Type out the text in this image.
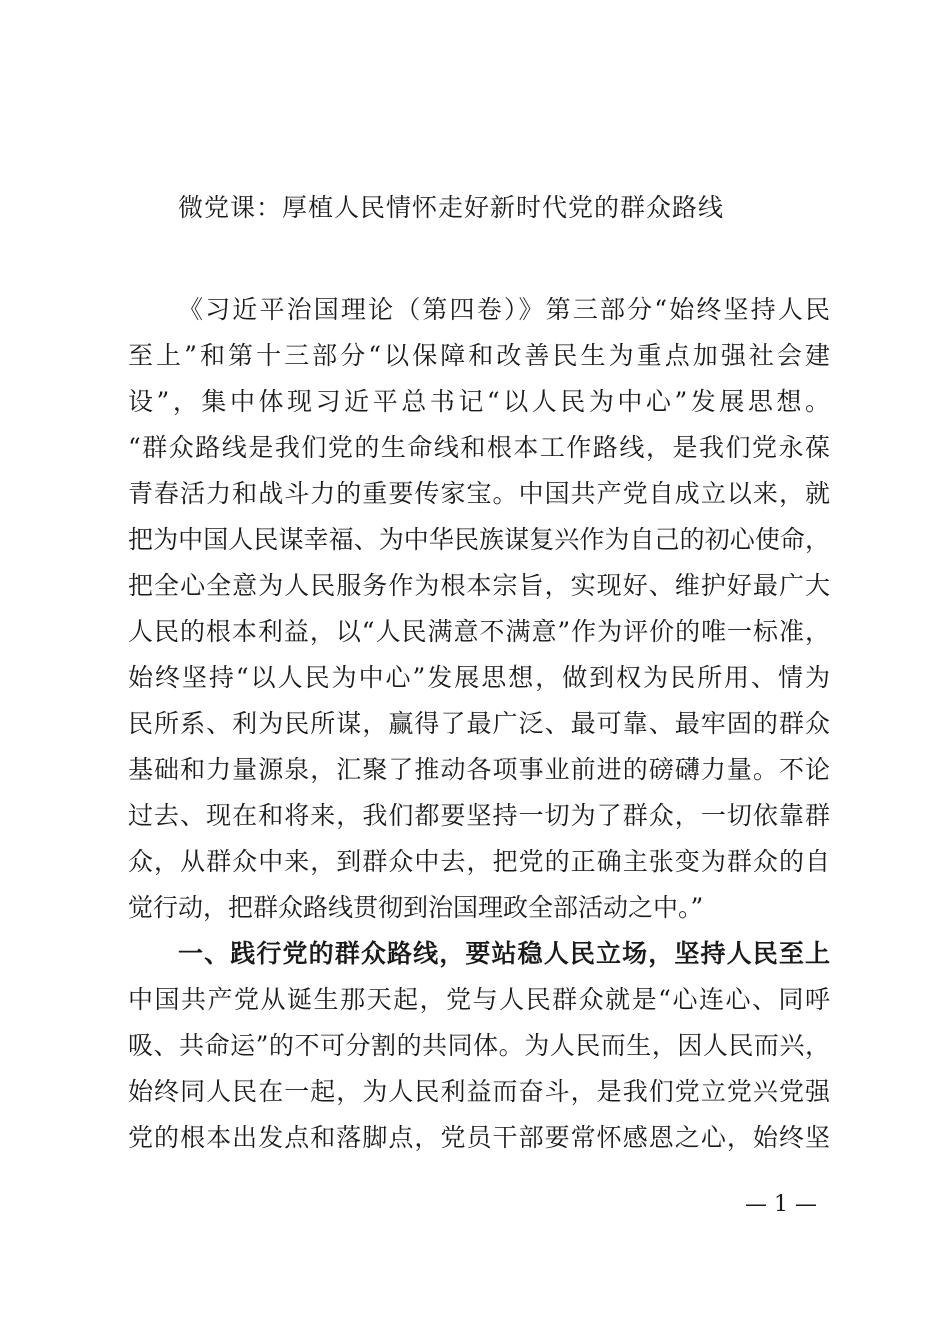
微党课：厚植人民情怀走好新时代党的群众路线

《习近平治国理论（第四卷）》第三部分“始终坚持人民

至上”和第十三部分“以保障和改善民生为重点加强社会建

设”，集中体现习近平总书记“以人民为中心”发展思想。

“群众路线是我们党的生命线和根本工作路线，是我们党永葆

青春活力和战斗力的重要传家宝。中国共产党自成立以来，就

把为中国人民谋幸福、为中华民族谋复兴作为自己的初心使命，

把全心全意为人民服务作为根本宗旨，实现好、维护好最广大

人民的根本利益，以“人民满意不满意”作为评价的唯一标准，

始终坚持“以人民为中心”发展思想，做到权为民所用、情为

民所系、利为民所谋，赢得了最广泛、最可靠、最牢固的群众

基础和力量源泉，汇聚了推动各项事业前进的磅礴力量。不论

过去、现在和将来，我们都要坚持一切为了群众，一切依靠群

众，从群众中来，到群众中去，把党的正确主张变为群众的自

觉行动，把群众路线贯彻到治国理政全部活动之中。”

一、践行党的群众路线，要站稳人民立场，坚持人民至上

中国共产党从诞生那天起，党与人民群众就是“心连心、同呼

吸、共命运”的不可分割的共同体。为人民而生，因人民而兴，

始终同人民在一起，为人民利益而奋斗，是我们党立党兴党强

党的根本出发点和落脚点，党员干部要常怀感恩之心，始终坚

— 1 —
